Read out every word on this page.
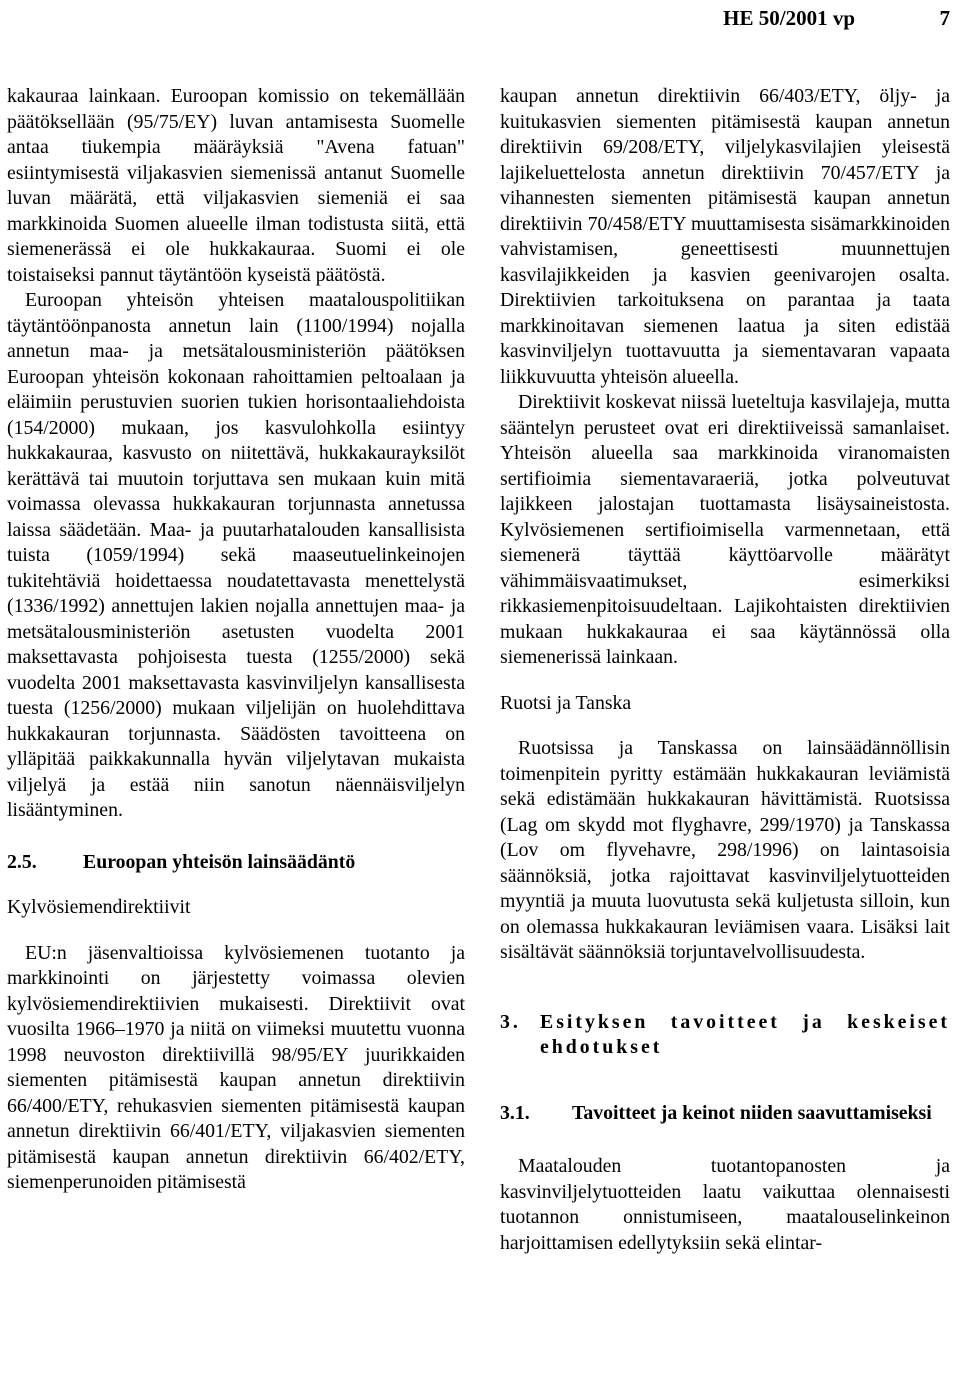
HE 50/2001 vp	7

kakauraa lainkaan. Euroopan komissio on tekemällään päätöksellään (95/75/EY) luvan antamisesta Suomelle antaa tiukempia määräyksiä "Avena fatuan" esiintymisestä viljakasvien siemenissä antanut Suomelle luvan määrätä, että viljakasvien siemeniä ei saa markkinoida Suomen alueelle ilman todistusta siitä, että siemenerässä ei ole hukkakauraa. Suomi ei ole toistaiseksi pannut täytäntöön kyseistä päätöstä.

Euroopan yhteisön yhteisen maatalouspolitiikan täytäntöönpanosta annetun lain (1100/1994) nojalla annetun maa- ja metsätalousministeriön päätöksen Euroopan yhteisön kokonaan rahoittamien peltoalaan ja eläimiin perustuvien suorien tukien horisontaaliehdoista (154/2000) mukaan, jos kasvulohkolla esiintyy hukkakauraa, kasvusto on niitettävä, hukkakaurayksilöt kerättävä tai muutoin torjuttava sen mukaan kuin mitä voimassa olevassa hukkakauran torjunnasta annetussa laissa säädetään. Maa- ja puutarhatalouden kansallisista tuista (1059/1994) sekä maaseutuelinkeinojen tukitehtäviä hoidettaessa noudatettavasta menettelystä (1336/1992) annettujen lakien nojalla annettujen maa- ja metsätalousministeriön asetusten vuodelta 2001 maksettavasta pohjoisesta tuesta (1255/2000) sekä vuodelta 2001 maksettavasta kasvinviljelyn kansallisesta tuesta (1256/2000) mukaan viljelijän on huolehdittava hukkakauran torjunnasta. Säädösten tavoitteena on ylläpitää paikkakunnalla hyvän viljelytavan mukaista viljelyä ja estää niin sanotun näennäisviljelyn lisääntyminen.

2.5.	Euroopan yhteisön lainsäädäntö

Kylvösiemendirektiivit

EU:n jäsenvaltioissa kylvösiemenen tuotanto ja markkinointi on järjestetty voimassa olevien kylvösiemendirektiivien mukaisesti. Direktiivit ovat vuosilta 1966–1970 ja niitä on viimeksi muutettu vuonna 1998 neuvoston direktiivillä 98/95/EY juurikkaiden siementen pitämisestä kaupan annetun direktiivin 66/400/ETY, rehukasvien siementen pitämisestä kaupan annetun direktiivin 66/401/ETY, viljakasvien siementen pitämisestä kaupan annetun direktiivin 66/402/ETY, siemenperunoiden pitämisestä

kaupan annetun direktiivin 66/403/ETY, öljy- ja kuitukasvien siementen pitämisestä kaupan annetun direktiivin 69/208/ETY, viljelykasvilajien yleisestä lajikeluettelosta annetun direktiivin 70/457/ETY ja vihannesten siementen pitämisestä kaupan annetun direktiivin 70/458/ETY muuttamisesta sisämarkkinoiden vahvistamisen, geneettisesti muunnettujen kasvilajikkeiden ja kasvien geenivarojen osalta. Direktiivien tarkoituksena on parantaa ja taata markkinoitavan siemenen laatua ja siten edistää kasvinviljelyn tuottavuutta ja siementavaran vapaata liikkuvuutta yhteisön alueella.

Direktiivit koskevat niissä lueteltuja kasvilajeja, mutta sääntelyn perusteet ovat eri direktiiveissä samanlaiset. Yhteisön alueella saa markkinoida viranomaisten sertifioimia siementavaraeriä, jotka polveutuvat lajikkeen jalostajan tuottamasta lisäysaineistosta. Kylvösiemenen sertifioimisella varmennetaan, että siemenerä täyttää käyttöarvolle määrätyt vähimmäisvaatimukset, esimerkiksi rikkasiemenpitoisuudeltaan. Lajikohtaisten direktiivien mukaan hukkakauraa ei saa käytännössä olla siemenerissä lainkaan.

Ruotsi ja Tanska

Ruotsissa ja Tanskassa on lainsäädännöllisin toimenpitein pyritty estämään hukkakauran leviämistä sekä edistämään hukkakauran hävittämistä. Ruotsissa (Lag om skydd mot flyghavre, 299/1970) ja Tanskassa (Lov om flyvehavre, 298/1996) on laintasoisia säännöksiä, jotka rajoittavat kasvinviljelytuotteiden myyntiä ja muuta luovutusta sekä kuljetusta silloin, kun on olemassa hukkakauran leviämisen vaara. Lisäksi lait sisältävät säännöksiä torjuntavelvollisuudesta.

3. Esityksen tavoitteet ja keskeiset ehdotukset

3.1.	Tavoitteet ja keinot niiden saavuttamiseksi

Maatalouden tuotantopanosten ja kasvinviljelytuotteiden laatu vaikuttaa olennaisesti tuotannon onnistumiseen, maatalouselinkeinon harjoittamisen edellytyksiin sekä elintar-
